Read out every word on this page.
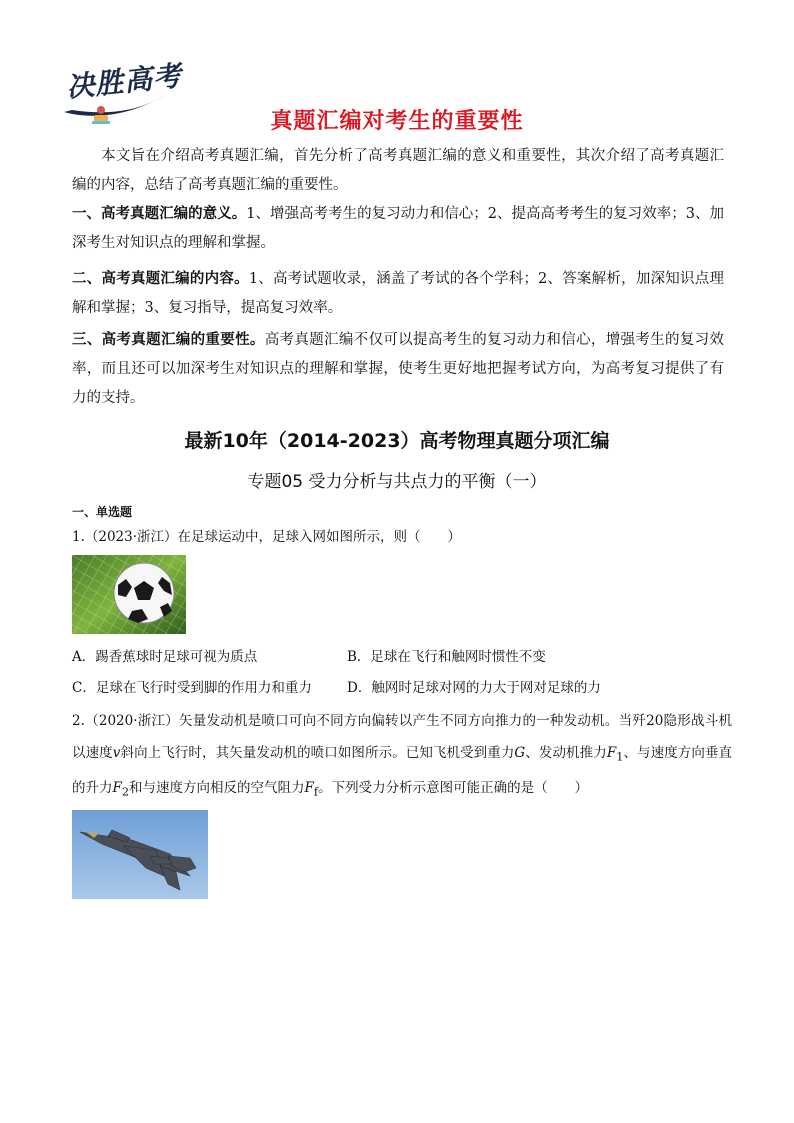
决胜高考
真题汇编对考生的重要性
本文旨在介绍高考真题汇编，首先分析了高考真题汇编的意义和重要性，其次介绍了高考真题汇编的内容，总结了高考真题汇编的重要性。
一、高考真题汇编的意义。1、增强高考考生的复习动力和信心；2、提高高考考生的复习效率；3、加深考生对知识点的理解和掌握。
二、高考真题汇编的内容。1、高考试题收录，涵盖了考试的各个学科；2、答案解析，加深知识点理解和掌握；3、复习指导，提高复习效率。
三、高考真题汇编的重要性。高考真题汇编不仅可以提高考生的复习动力和信心，增强考生的复习效率，而且还可以加深考生对知识点的理解和掌握，使考生更好地把握考试方向，为高考复习提供了有力的支持。
最新10年（2014-2023）高考物理真题分项汇编
专题05 受力分析与共点力的平衡（一）
一、单选题
1.（2023·浙江）在足球运动中，足球入网如图所示，则（　　）
A．踢香蕉球时足球可视为质点	B．足球在飞行和触网时惯性不变
C．足球在飞行时受到脚的作用力和重力	D．触网时足球对网的力大于网对足球的力
2.（2020·浙江）矢量发动机是喷口可向不同方向偏转以产生不同方向推力的一种发动机。当歼20隐形战斗机以速度v斜向上飞行时，其矢量发动机的喷口如图所示。已知飞机受到重力G、发动机推力$F_1$、与速度方向垂直的升力$F_2$和与速度方向相反的空气阻力$F_f$。下列受力分析示意图可能正确的是（　　）
